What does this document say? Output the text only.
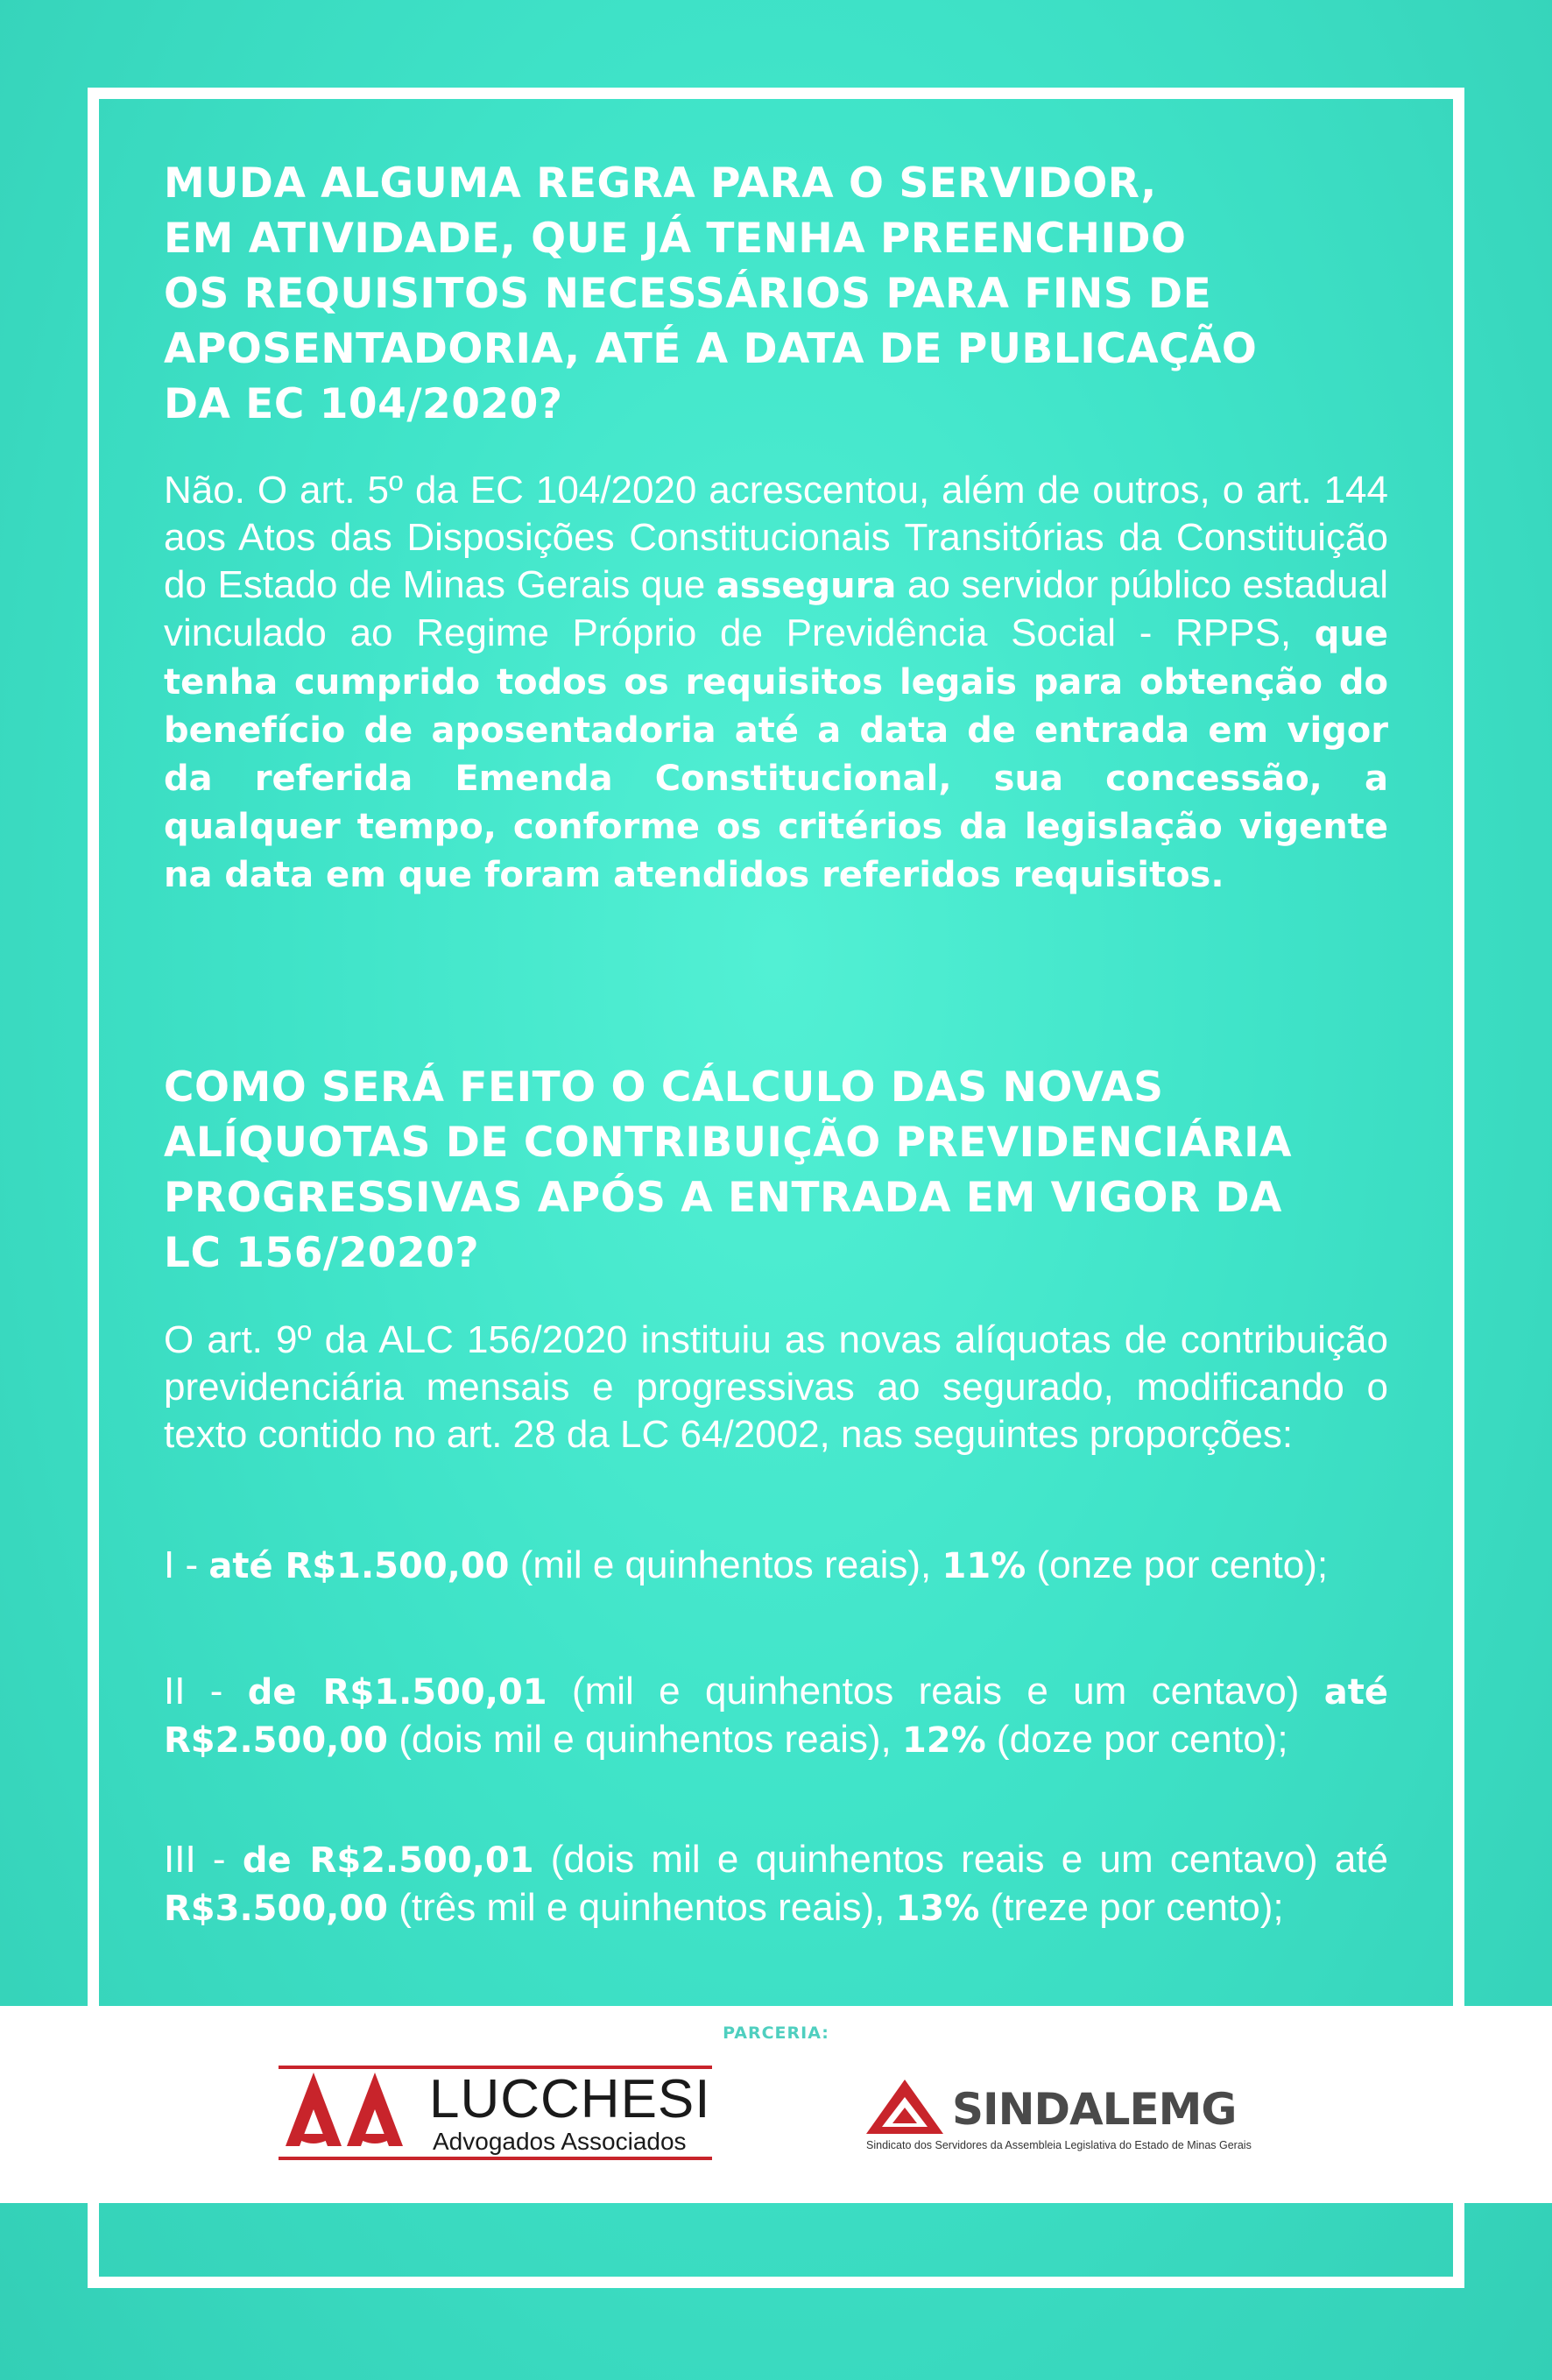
MUDA ALGUMA REGRA PARA O SERVIDOR,

EM ATIVIDADE, QUE JÁ TENHA PREENCHIDO

OS REQUISITOS NECESSÁRIOS PARA FINS DE

APOSENTADORIA, ATÉ A DATA DE PUBLICAÇÃO

DA EC 104/2020?

Não. O art. 5º da EC 104/2020 acrescentou, além de outros, o art. 144 aos Atos das Disposições Constitucionais Transitórias da Constituição do Estado de Minas Gerais que assegura ao servidor público estadual vinculado ao Regime Próprio de Previdência Social - RPPS, que tenha cumprido todos os requisitos legais para obtenção do benefício de aposentadoria até a data de entrada em vigor da referida Emenda Constitucional, sua concessão, a qualquer tempo, conforme os critérios da legislação vigente na data em que foram atendidos referidos requisitos.

COMO SERÁ FEITO O CÁLCULO DAS NOVAS

ALÍQUOTAS DE CONTRIBUIÇÃO PREVIDENCIÁRIA

PROGRESSIVAS APÓS A ENTRADA EM VIGOR DA

LC 156/2020?

O art. 9º da ALC 156/2020 instituiu as novas alíquotas de contribuição previdenciária mensais e progressivas ao segurado, modificando o texto contido no art. 28 da LC 64/2002, nas seguintes proporções:

I - até R$1.500,00 (mil e quinhentos reais), 11% (onze por cento);

II - de R$1.500,01 (mil e quinhentos reais e um centavo) até R$2.500,00 (dois mil e quinhentos reais), 12% (doze por cento);

III - de R$2.500,01 (dois mil e quinhentos reais e um centavo) até R$3.500,00 (três mil e quinhentos reais), 13% (treze por cento);

PARCERIA:
LUCCHESI
Advogados Associados
SINDALEMG
Sindicato dos Servidores da Assembleia Legislativa do Estado de Minas Gerais
